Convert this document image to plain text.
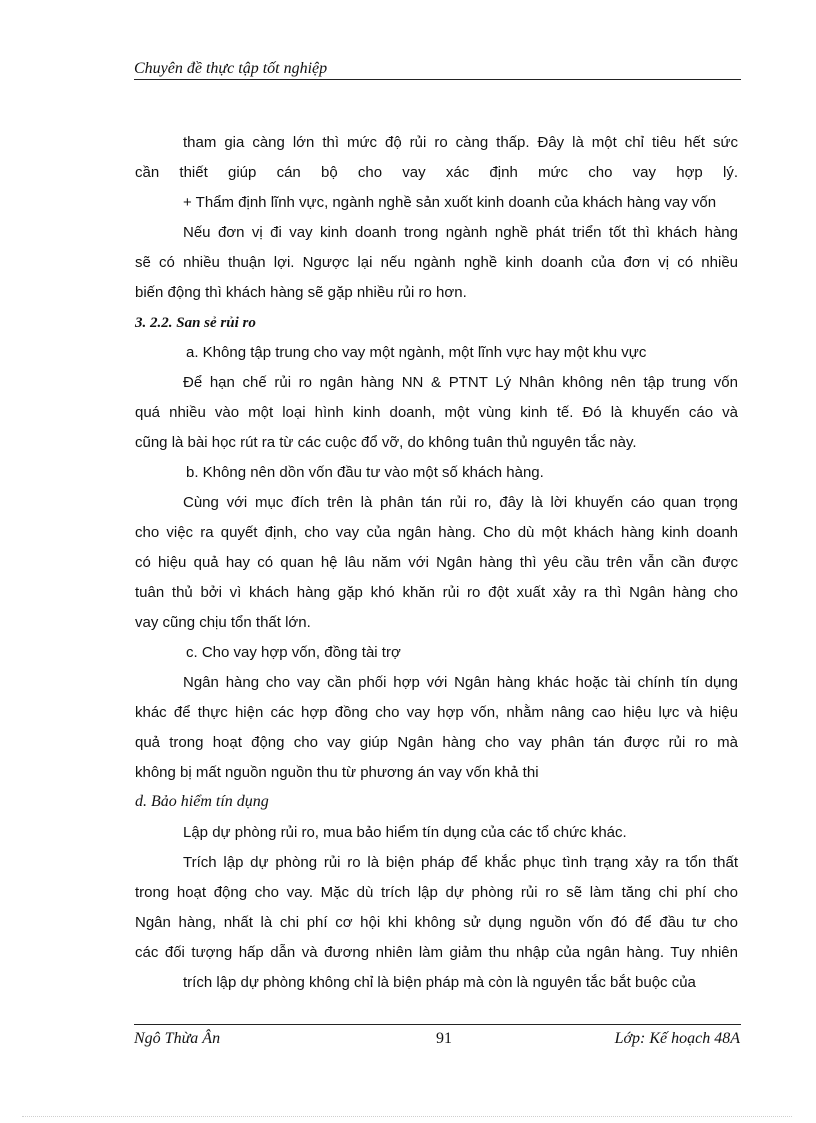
Chuyên đề thực tập tốt nghiệp
tham gia càng lớn thì mức độ rủi ro càng thấp. Đây là một chỉ tiêu hết sức
cần thiết giúp cán bộ cho vay xác định mức cho vay hợp lý.
+ Thẩm định lĩnh vực, ngành nghề sản xuốt kinh doanh của khách hàng vay vốn
Nếu đơn vị đi vay kinh doanh trong ngành nghề phát triển tốt thì khách hàng
sẽ có nhiều thuận lợi. Ngược lại nếu ngành nghề kinh doanh của đơn vị có nhiều
biến động thì khách hàng sẽ gặp nhiều rủi ro hơn.
3. 2.2. San sẻ rủi ro
a. Không tập trung cho vay một ngành, một lĩnh vực hay một khu vực
Để hạn chế rủi ro ngân hàng NN & PTNT Lý Nhân không nên tập trung vốn
quá nhiều vào một loại hình kinh doanh, một vùng kinh tế. Đó là khuyến cáo và
cũng là bài học rút ra từ các cuộc đổ vỡ, do không tuân thủ nguyên tắc này.
b. Không nên dồn vốn đầu tư vào một số khách hàng.
Cùng với mục đích trên là phân tán rủi ro, đây là lời khuyến cáo quan trọng
cho việc ra quyết định, cho vay của ngân hàng. Cho dù một khách hàng kinh doanh
có hiệu quả hay có quan hệ lâu năm với Ngân hàng thì yêu cầu trên vẫn cần được
tuân thủ bởi vì khách hàng gặp khó khăn rủi ro đột xuất xảy ra thì Ngân hàng cho
vay cũng chịu tổn thất lớn.
c. Cho vay hợp vốn, đồng tài trợ
Ngân hàng cho vay cần phối hợp với Ngân hàng khác hoặc tài chính tín dụng
khác để thực hiện các hợp đồng cho vay hợp vốn, nhằm nâng cao hiệu lực và hiệu
quả trong hoạt động cho vay giúp Ngân hàng cho vay phân tán được rủi ro mà
không bị mất nguồn nguồn thu từ phương án vay vốn khả thi
d. Bảo hiểm tín dụng
Lập dự phòng rủi ro, mua bảo hiểm tín dụng của các tổ chức khác.
Trích lập dự phòng rủi ro là biện pháp để khắc phục tình trạng xảy ra tổn thất
trong hoạt động cho vay. Mặc dù trích lập dự phòng rủi ro sẽ làm tăng chi phí cho
Ngân hàng, nhất là chi phí cơ hội khi không sử dụng nguồn vốn đó để đầu tư cho
các đối tượng hấp dẫn và đương nhiên làm giảm thu nhập của ngân hàng. Tuy nhiên
trích lập dự phòng không chỉ là biện pháp mà còn là nguyên tắc bắt buộc của
Ngô Thừa Ân	91	Lớp: Kế hoạch 48A
